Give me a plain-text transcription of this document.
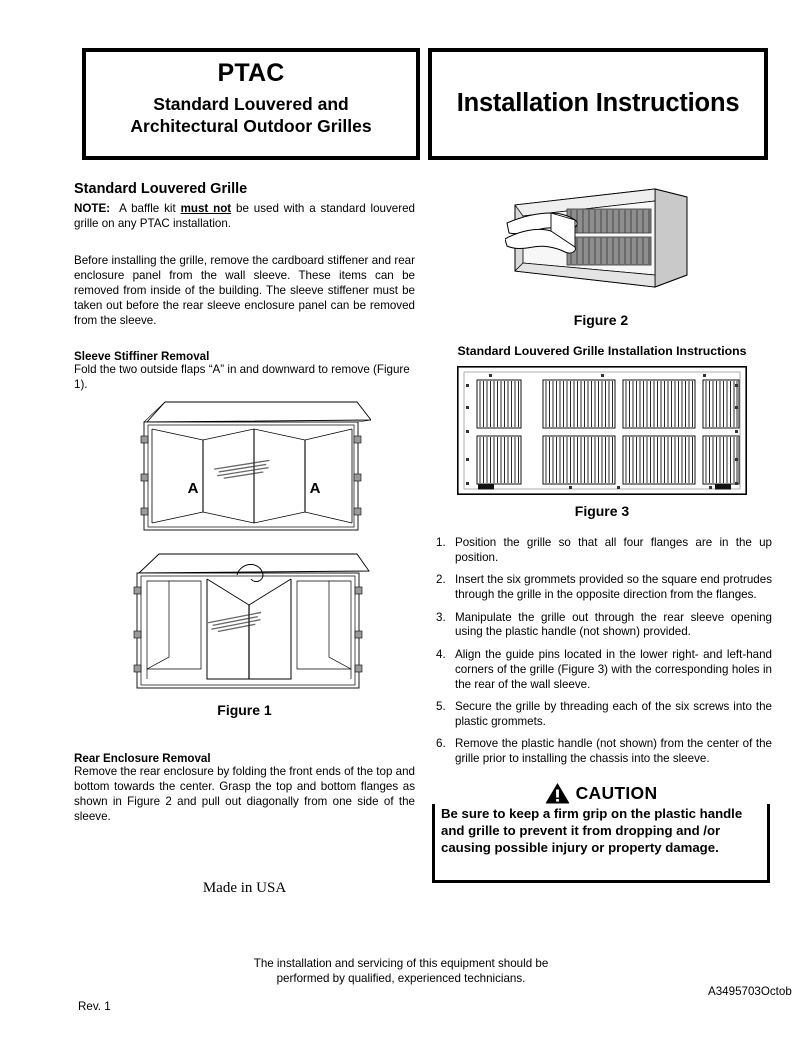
PTAC
Standard Louvered and
Architectural Outdoor Grilles
Installation Instructions
Standard Louvered Grille
NOTE: A baffle kit must not be used with a standard louvered grille on any PTAC installation.
Before installing the grille, remove the cardboard stiffener and rear enclosure panel from the wall sleeve. These items can be removed from inside of the building. The sleeve stiffener must be taken out before the rear sleeve enclosure panel can be removed from the sleeve.
Sleeve Stiffiner Removal
Fold the two outside flaps “A” in and downward to remove (Figure 1).
A	A
Figure 1
Rear Enclosure Removal
Remove the rear enclosure by folding the front ends of the top and bottom towards the center. Grasp the top and bottom flanges as shown in Figure 2 and pull out diagonally from one side of the sleeve.
Made in USA
Figure 2
Standard Louvered Grille Installation Instructions
Figure 3
1. Position the grille so that all four flanges are in the up position.
2. Insert the six grommets provided so the square end protrudes through the grille in the opposite direction from the flanges.
3. Manipulate the grille out through the rear sleeve opening using the plastic handle (not shown) provided.
4. Align the guide pins located in the lower right- and left-hand corners of the grille (Figure 3) with the corresponding holes in the rear of the wall sleeve.
5. Secure the grille by threading each of the six screws into the plastic grommets.
6. Remove the plastic handle (not shown) from the center of the grille prior to installing the chassis into the sleeve.
CAUTION
Be sure to keep a firm grip on the plastic handle and grille to prevent it from dropping and /or causing possible injury or property damage.
The installation and servicing of this equipment should be
performed by qualified, experienced technicians.
Rev. 1
A3495703Octob
